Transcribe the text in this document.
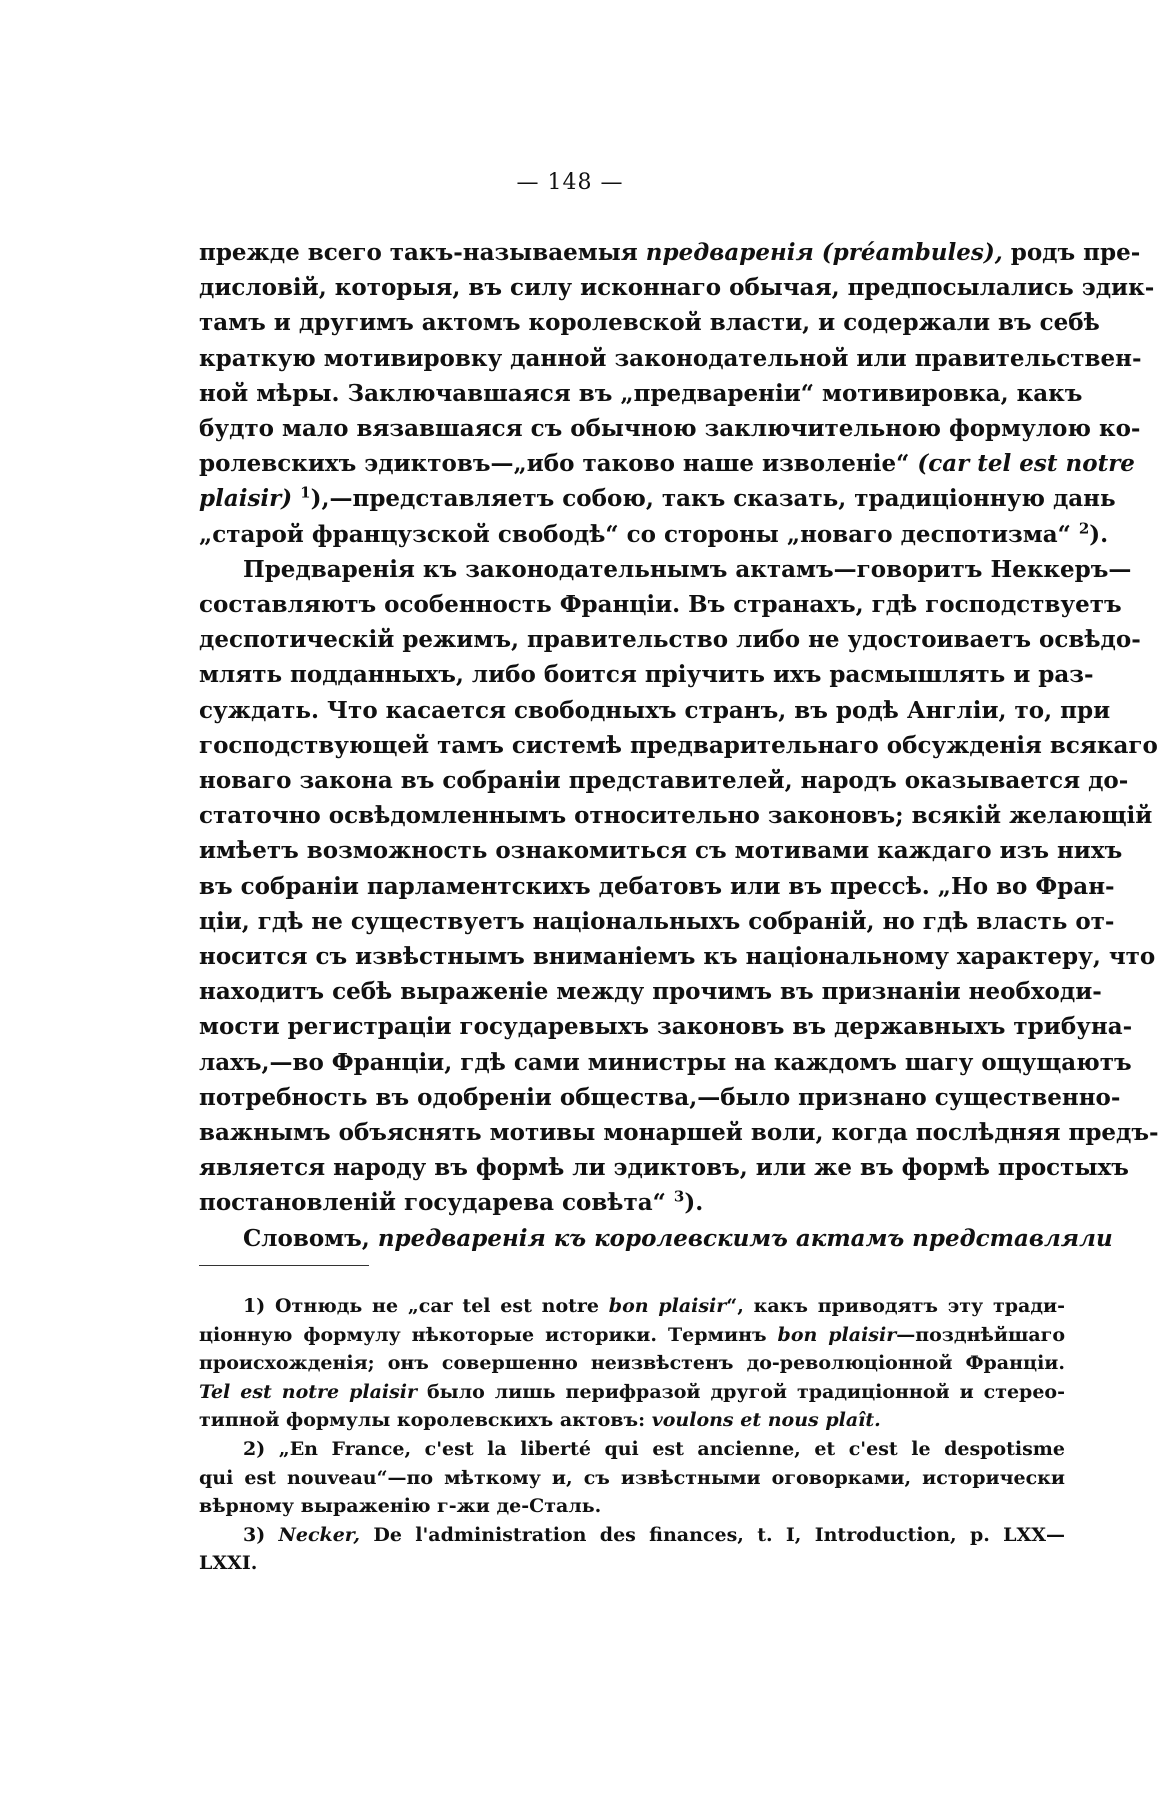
— 148 —
прежде всего такъ-называемыя предваренія (préambules), родъ пре-
дисловій, которыя, въ силу исконнаго обычая, предпосылались эдик-
тамъ и другимъ актомъ королевской власти, и содержали въ себѣ
краткую мотивировку данной законодательной или правительствен-
ной мѣры. Заключавшаяся въ „предвареніи“ мотивировка, какъ
будто мало вязавшаяся съ обычною заключительною формулою ко-
ролевскихъ эдиктовъ—„ибо таково наше изволеніе“ (car tel est notre
plaisir) $^1$),—представляетъ собою, такъ сказать, традиціонную дань
„старой французской свободѣ“ со стороны „новаго деспотизма“ $^2$).
Предваренія къ законодательнымъ актамъ—говоритъ Неккеръ—
составляютъ особенность Франціи. Въ странахъ, гдѣ господствуетъ
деспотическій режимъ, правительство либо не удостоиваетъ освѣдо-
млять подданныхъ, либо боится пріучить ихъ расмышлять и раз-
суждать. Что касается свободныхъ странъ, въ родѣ Англіи, то, при
господствующей тамъ системѣ предварительнаго обсужденія всякаго
новаго закона въ собраніи представителей, народъ оказывается до-
статочно освѣдомленнымъ относительно законовъ; всякій желающій
имѣетъ возможность ознакомиться съ мотивами каждаго изъ нихъ
въ собраніи парламентскихъ дебатовъ или въ прессѣ. „Но во Фран-
ціи, гдѣ не существуетъ національныхъ собраній, но гдѣ власть от-
носится съ извѣстнымъ вниманіемъ къ національному характеру, что
находитъ себѣ выраженіе между прочимъ въ признаніи необходи-
мости регистраціи государевыхъ законовъ въ державныхъ трибуна-
лахъ,—во Франціи, гдѣ сами министры на каждомъ шагу ощущаютъ
потребность въ одобреніи общества,—было признано существенно-
важнымъ объяснять мотивы монаршей воли, когда послѣдняя предъ-
является народу въ формѣ ли эдиктовъ, или же въ формѣ простыхъ
постановленій государева совѣта“ $^3$).
Словомъ, предваренія къ королевскимъ актамъ представляли
1) Отнюдь не „car tel est notre bon plaisir“, какъ приводятъ эту тради-
ціонную формулу нѣкоторые историки. Терминъ bon plaisir—позднѣйшаго
происхожденія; онъ совершенно неизвѣстенъ до-революціонной Франціи.
Tel est notre plaisir было лишь перифразой другой традиціонной и стерео-
типной формулы королевскихъ актовъ: voulons et nous plaît.
2) „En France, c'est la liberté qui est ancienne, et c'est le despotisme
qui est nouveau“—по мѣткому и, съ извѣстными оговорками, исторически
вѣрному выраженію г-жи де-Сталь.
3) Necker, De l'administration des finances, t. I, Introduction, p. LXX—
LXXI.
